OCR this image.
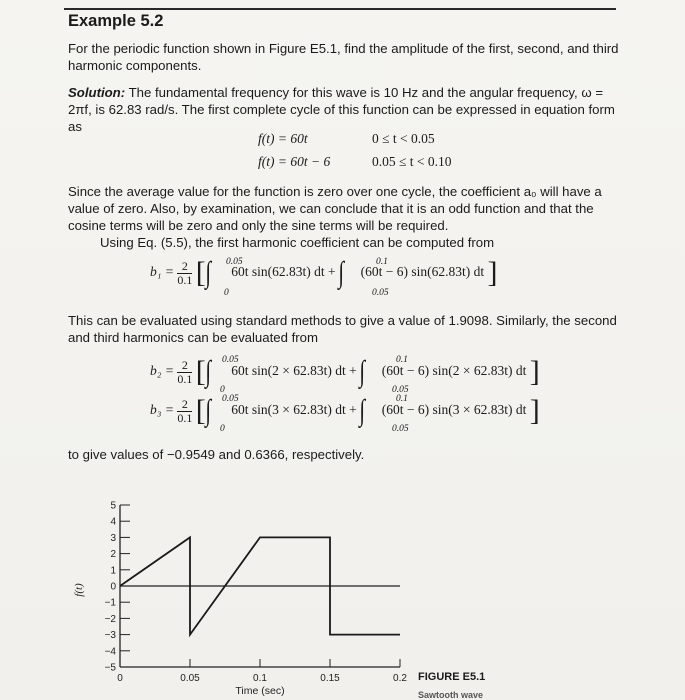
Example 5.2
For the periodic function shown in Figure E5.1, find the amplitude of the first, second, and third harmonic components.
Solution: The fundamental frequency for this wave is 10 Hz and the angular frequency, ω = 2πf, is 62.83 rad/s. The first complete cycle of this function can be expressed in equation form as
f(t) = 60t	0 ≤ t < 0.05
f(t) = 60t − 6	0.05 ≤ t < 0.10
Since the average value for the function is zero over one cycle, the coefficient a₀ will have a value of zero. Also, by examination, we can conclude that it is an odd function and that the cosine terms will be zero and only the sine terms will be required.
Using Eq. (5.5), the first harmonic coefficient can be computed from
$b_1 = \frac{2}{0.1}$ [∫ 0.05
0
60t sin(62.83t) dt + ∫	0.1
0.05
(60t − 6) sin(62.83t) dt ]
This can be evaluated using standard methods to give a value of 1.9098. Similarly, the second and third harmonics can be evaluated from
$b_2 = \frac{2}{0.1}$ [∫ 0.05
0
60t sin(2 × 62.83t) dt + ∫	0.1
0.05
(60t − 6) sin(2 × 62.83t) dt ]
$b_3 = \frac{2}{0.1}$ [∫ 0.05
0
60t sin(3 × 62.83t) dt + ∫	0.1
0.05
(60t − 6) sin(3 × 62.83t) dt ]
to give values of −0.9549 and 0.6366, respectively.
5
4
3
2
1
0
−1
−2
−3
−4
−5
0	0.05	0.1	0.15	0.2
Time (sec)
f(t)
FIGURE E5.1
Sawtooth wave
